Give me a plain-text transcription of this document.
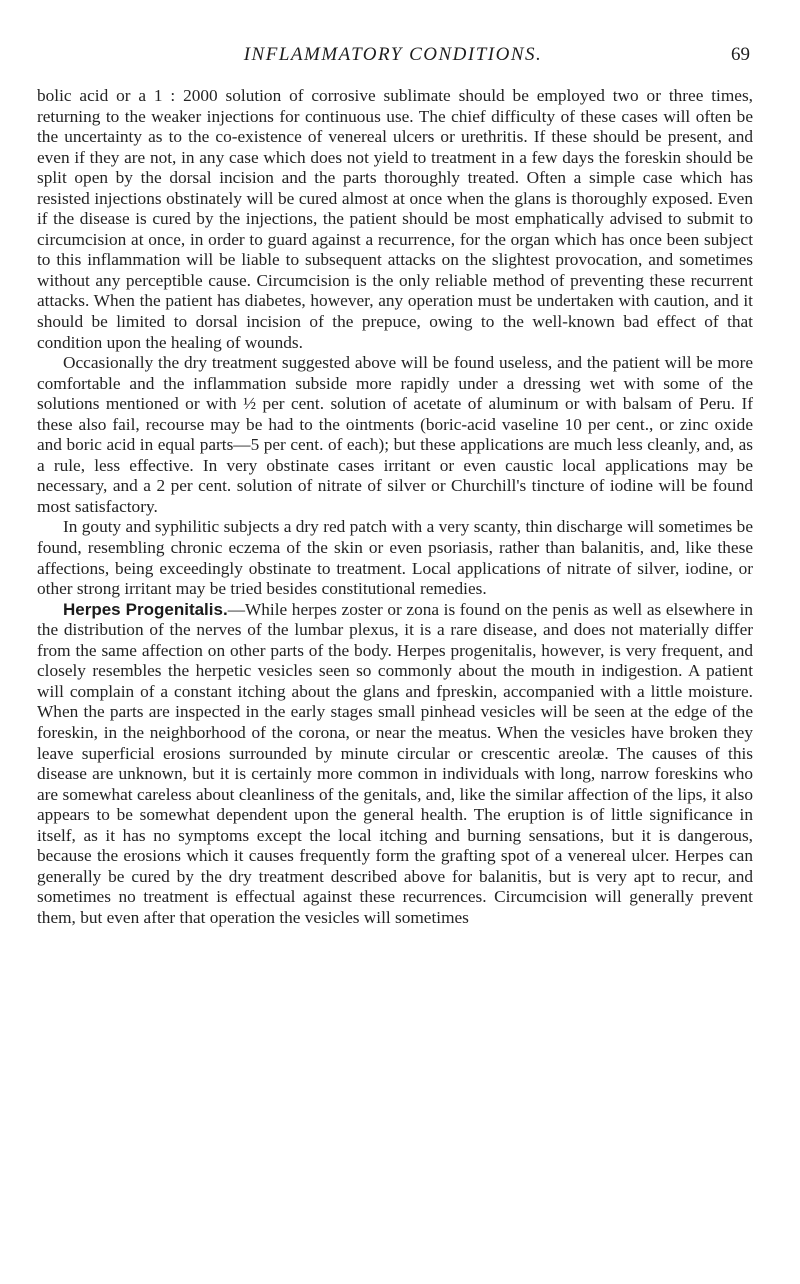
INFLAMMATORY CONDITIONS.	69

bolic acid or a 1 : 2000 solution of corrosive sublimate should be employed two or three times, returning to the weaker injections for continuous use. The chief difficulty of these cases will often be the uncertainty as to the co-existence of venereal ulcers or urethritis. If these should be present, and even if they are not, in any case which does not yield to treatment in a few days the foreskin should be split open by the dorsal incision and the parts thoroughly treated. Often a simple case which has resisted injections obstinately will be cured almost at once when the glans is thoroughly exposed. Even if the disease is cured by the injections, the patient should be most emphatically advised to submit to circumcision at once, in order to guard against a recurrence, for the organ which has once been subject to this inflammation will be liable to subsequent attacks on the slightest provocation, and sometimes without any perceptible cause. Circumcision is the only reliable method of preventing these recurrent attacks. When the patient has diabetes, however, any operation must be undertaken with caution, and it should be limited to dorsal incision of the prepuce, owing to the well-known bad effect of that condition upon the healing of wounds.

Occasionally the dry treatment suggested above will be found useless, and the patient will be more comfortable and the inflammation subside more rapidly under a dressing wet with some of the solutions mentioned or with ½ per cent. solution of acetate of aluminum or with balsam of Peru. If these also fail, recourse may be had to the ointments (boric-acid vaseline 10 per cent., or zinc oxide and boric acid in equal parts—5 per cent. of each); but these applications are much less cleanly, and, as a rule, less effective. In very obstinate cases irritant or even caustic local applications may be necessary, and a 2 per cent. solution of nitrate of silver or Churchill's tincture of iodine will be found most satisfactory.

In gouty and syphilitic subjects a dry red patch with a very scanty, thin discharge will sometimes be found, resembling chronic eczema of the skin or even psoriasis, rather than balanitis, and, like these affections, being exceedingly obstinate to treatment. Local applications of nitrate of silver, iodine, or other strong irritant may be tried besides constitutional remedies.

Herpes Progenitalis.—While herpes zoster or zona is found on the penis as well as elsewhere in the distribution of the nerves of the lumbar plexus, it is a rare disease, and does not materially differ from the same affection on other parts of the body. Herpes progenitalis, however, is very frequent, and closely resembles the herpetic vesicles seen so commonly about the mouth in indigestion. A patient will complain of a constant itching about the glans and fpreskin, accompanied with a little moisture. When the parts are inspected in the early stages small pinhead vesicles will be seen at the edge of the foreskin, in the neighborhood of the corona, or near the meatus. When the vesicles have broken they leave superficial erosions surrounded by minute circular or crescentic areolæ. The causes of this disease are unknown, but it is certainly more common in individuals with long, narrow foreskins who are somewhat careless about cleanliness of the genitals, and, like the similar affection of the lips, it also appears to be somewhat dependent upon the general health. The eruption is of little significance in itself, as it has no symptoms except the local itching and burning sensations, but it is dangerous, because the erosions which it causes frequently form the grafting spot of a venereal ulcer. Herpes can generally be cured by the dry treatment described above for balanitis, but is very apt to recur, and sometimes no treatment is effectual against these recurrences. Circumcision will generally prevent them, but even after that operation the vesicles will sometimes
